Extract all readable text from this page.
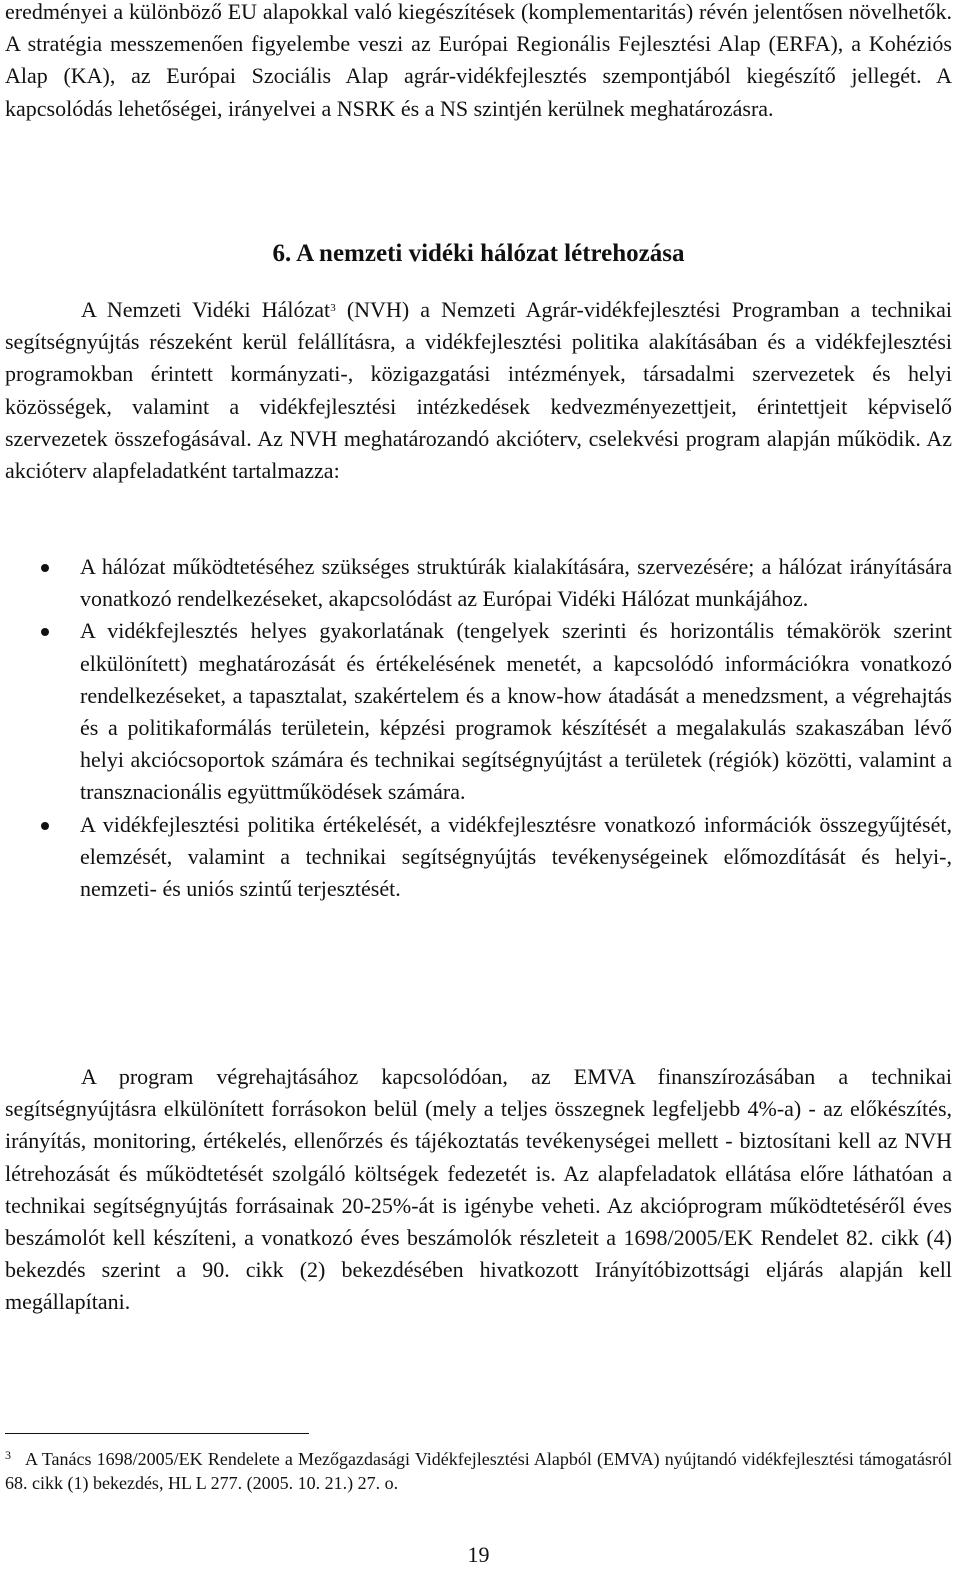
eredményei a különböző EU alapokkal való kiegészítések (komplementaritás) révén jelentősen növelhetők. A stratégia messzemenően figyelembe veszi az Európai Regionális Fejlesztési Alap (ERFA), a Kohéziós Alap (KA), az Európai Szociális Alap agrár-vidékfejlesztés szempontjából kiegészítő jellegét. A kapcsolódás lehetőségei, irányelvei a NSRK és a NS szintjén kerülnek meghatározásra.

6. A nemzeti vidéki hálózat létrehozása

A Nemzeti Vidéki Hálózat$^3$ (NVH) a Nemzeti Agrár-vidékfejlesztési Programban a technikai segítségnyújtás részeként kerül felállításra, a vidékfejlesztési politika alakításában és a vidékfejlesztési programokban érintett kormányzati-, közigazgatási intézmények, társadalmi szervezetek és helyi közösségek, valamint a vidékfejlesztési intézkedések kedvezményezettjeit, érintettjeit képviselő szervezetek összefogásával. Az NVH meghatározandó akcióterv, cselekvési program alapján működik. Az akcióterv alapfeladatként tartalmazza:

A hálózat működtetéséhez szükséges struktúrák kialakítására, szervezésére; a hálózat irányítására vonatkozó rendelkezéseket, akapcsolódást az Európai Vidéki Hálózat munkájához.
A vidékfejlesztés helyes gyakorlatának (tengelyek szerinti és horizontális témakörök szerint elkülönített) meghatározását és értékelésének menetét, a kapcsolódó információkra vonatkozó rendelkezéseket, a tapasztalat, szakértelem és a know-how átadását a menedzsment, a végrehajtás és a politikaformálás területein, képzési programok készítését a megalakulás szakaszában lévő helyi akciócsoportok számára és technikai segítségnyújtást a területek (régiók) közötti, valamint a transznacionális együttműködések számára.
A vidékfejlesztési politika értékelését, a vidékfejlesztésre vonatkozó információk összegyűjtését, elemzését, valamint a technikai segítségnyújtás tevékenységeinek előmozdítását és helyi-, nemzeti- és uniós szintű terjesztését.

A program végrehajtásához kapcsolódóan, az EMVA finanszírozásában a technikai segítségnyújtásra elkülönített forrásokon belül (mely a teljes összegnek legfeljebb 4%-a) - az előkészítés, irányítás, monitoring, értékelés, ellenőrzés és tájékoztatás tevékenységei mellett - biztosítani kell az NVH létrehozását és működtetését szolgáló költségek fedezetét is. Az alapfeladatok ellátása előre láthatóan a technikai segítségnyújtás forrásainak 20-25%-át is igénybe veheti. Az akcióprogram működtetéséről éves beszámolót kell készíteni, a vonatkozó éves beszámolók részleteit a 1698/2005/EK Rendelet 82. cikk (4) bekezdés szerint a 90. cikk (2) bekezdésében hivatkozott Irányítóbizottsági eljárás alapján kell megállapítani.

$^3$ A Tanács 1698/2005/EK Rendelete a Mezőgazdasági Vidékfejlesztési Alapból (EMVA) nyújtandó vidékfejlesztési támogatásról 68. cikk (1) bekezdés, HL L 277. (2005. 10. 21.) 27. o.

19
